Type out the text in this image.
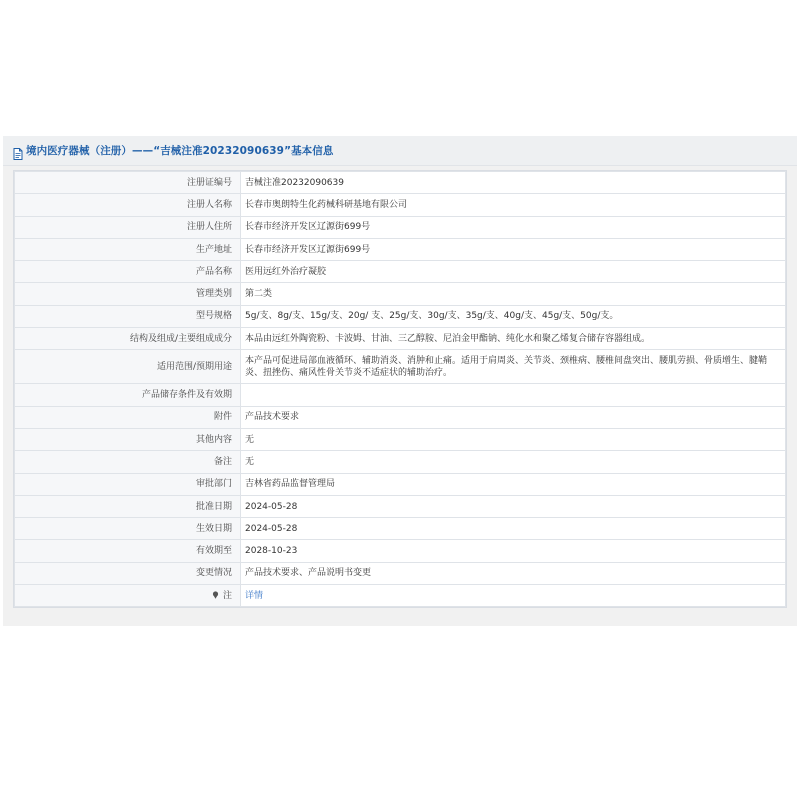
境内医疗器械（注册）——“吉械注准20232090639”基本信息
注册证编号	吉械注准20232090639
注册人名称	长春市奥朗特生化药械科研基地有限公司
注册人住所	长春市经济开发区辽源街699号
生产地址	长春市经济开发区辽源街699号
产品名称	医用远红外治疗凝胶
管理类别	第二类
型号规格	5g/支、8g/支、15g/支、20g/ 支、25g/支、30g/支、35g/支、40g/支、45g/支、50g/支。
结构及组成/主要组成成分	本品由远红外陶瓷粉、卡波姆、甘油、三乙醇胺、尼泊金甲酯钠、纯化水和聚乙烯复合储存容器组成。
适用范围/预期用途	本产品可促进局部血液循环、辅助消炎、消肿和止痛。适用于肩周炎、关节炎、颈椎病、腰椎间盘突出、腰肌劳损、骨质增生、腱鞘炎、扭挫伤、痛风性骨关节炎不适症状的辅助治疗。
产品储存条件及有效期	
附件	产品技术要求
其他内容	无
备注	无
审批部门	吉林省药品监督管理局
批准日期	2024-05-28
生效日期	2024-05-28
有效期至	2028-10-23
变更情况	产品技术要求、产品说明书变更
注	详情
